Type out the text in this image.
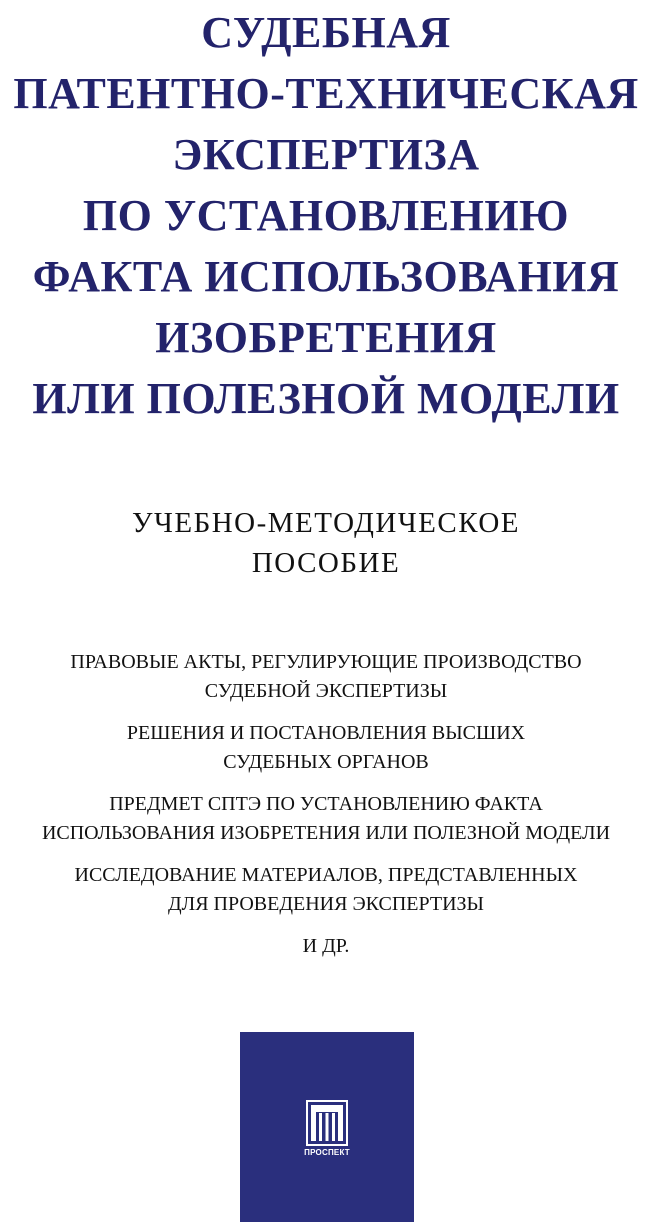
СУДЕБНАЯ
ПАТЕНТНО-ТЕХНИЧЕСКАЯ
ЭКСПЕРТИЗА
ПО УСТАНОВЛЕНИЮ
ФАКТА ИСПОЛЬЗОВАНИЯ
ИЗОБРЕТЕНИЯ
ИЛИ ПОЛЕЗНОЙ МОДЕЛИ
УЧЕБНО-МЕТОДИЧЕСКОЕ
ПОСОБИЕ
ПРАВОВЫЕ АКТЫ, РЕГУЛИРУЮЩИЕ ПРОИЗВОДСТВО
СУДЕБНОЙ ЭКСПЕРТИЗЫ
РЕШЕНИЯ И ПОСТАНОВЛЕНИЯ ВЫСШИХ
СУДЕБНЫХ ОРГАНОВ
ПРЕДМЕТ СПТЭ ПО УСТАНОВЛЕНИЮ ФАКТА
ИСПОЛЬЗОВАНИЯ ИЗОБРЕТЕНИЯ ИЛИ ПОЛЕЗНОЙ МОДЕЛИ
ИССЛЕДОВАНИЕ МАТЕРИАЛОВ, ПРЕДСТАВЛЕННЫХ
ДЛЯ ПРОВЕДЕНИЯ ЭКСПЕРТИЗЫ
И ДР.
ПРОСПЕКТ
